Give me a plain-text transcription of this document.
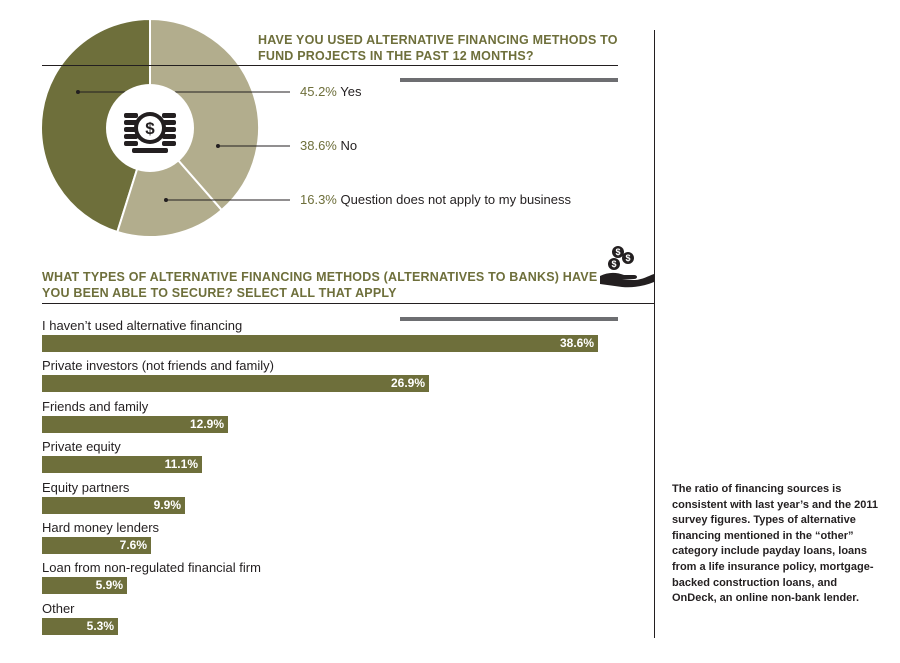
$
45.2% Yes
38.6% No
16.3% Question does not apply to my business
HAVE YOU USED ALTERNATIVE FINANCING METHODS TO FUND PROJECTS IN THE PAST 12 MONTHS?
$
$
$
WHAT TYPES OF ALTERNATIVE FINANCING METHODS (ALTERNATIVES TO BANKS) HAVE YOU BEEN ABLE TO SECURE? SELECT ALL THAT APPLY
I haven’t used alternative financing
38.6%
Private investors (not friends and family)
26.9%
Friends and family
12.9%
Private equity
11.1%
Equity partners
9.9%
Hard money lenders
7.6%
Loan from non-regulated financial firm
5.9%
Other
5.3%
The ratio of financing sources is consistent with last year’s and the 2011 survey figures. Types of alternative financing mentioned in the “other” category include payday loans, loans from a life insurance policy, mortgage-backed construction loans, and OnDeck, an online non-bank lender.
